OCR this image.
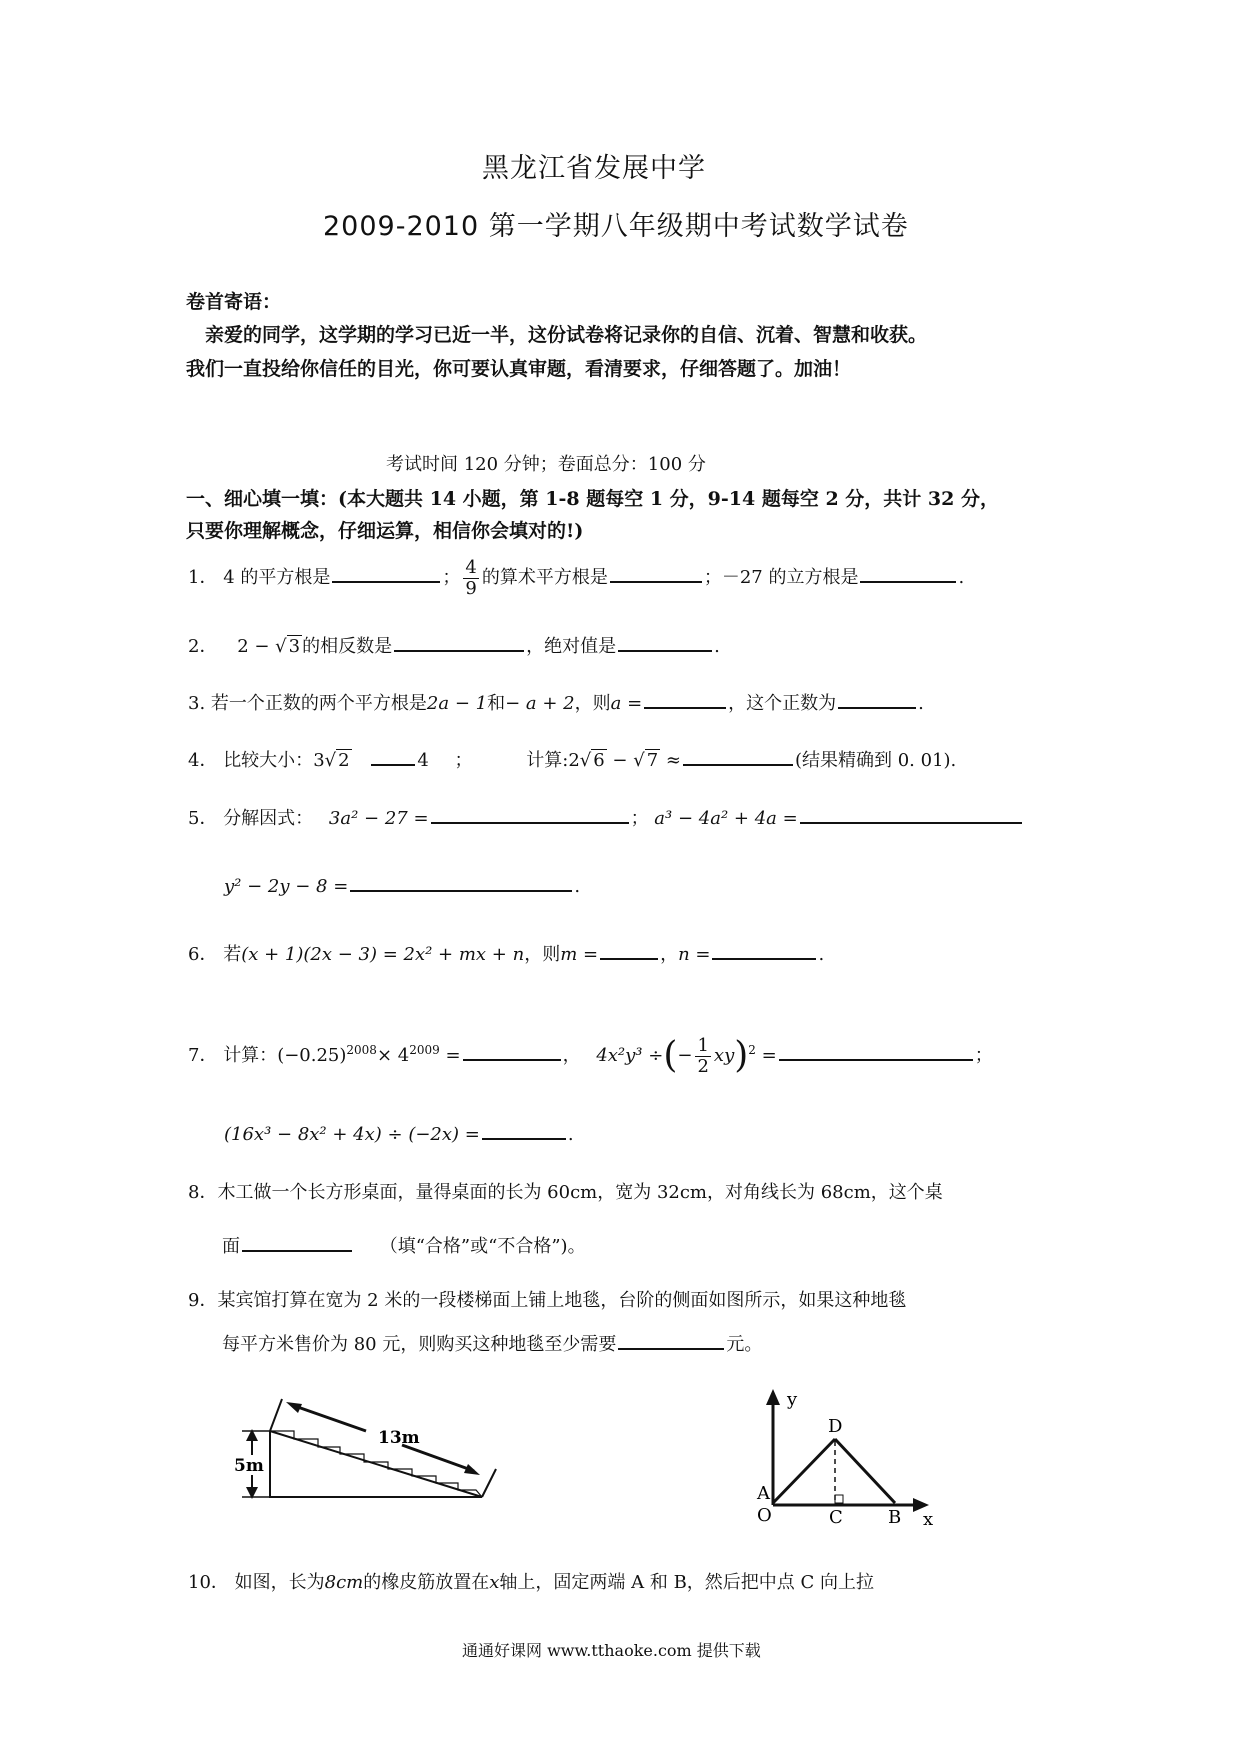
黑龙江省发展中学
2009-2010 第一学期八年级期中考试数学试卷
卷首寄语：
亲爱的同学，这学期的学习已近一半，这份试卷将记录你的自信、沉着、智慧和收获。
我们一直投给你信任的目光，你可要认真审题，看清要求，仔细答题了。加油！
考试时间 120 分钟；卷面总分：100 分
一、细心填一填：(本大题共 14 小题，第 1-8 题每空 1 分，9-14 题每空 2 分，共计 32 分，
只要你理解概念，仔细运算，相信你会填对的!)
1． 4 的平方根是	； $\frac{4}{9}$ 的算术平方根是	；－27 的立方根是	.
2． 2 − √ 3 的相反数是	，绝对值是	.
3. 若一个正数的两个平方根是2a − 1和− a + 2，则a =	，这个正数为	.
4． 比较大小：3√ 2	4 ；	计算:2√ 6 − √ 7 ≈	(结果精确到 0. 01).
5． 分解因式： 3a² − 27 =	； a³ − 4a² + 4a =
y² − 2y − 8 =	.
6． 若(x + 1)(2x − 3) = 2x² + mx + n，则m =	，n =	.
7． 计算：$(-0.25)^{2008}\times 4^{2009}$ =	， 4x²y³ ÷(− $\frac{1}{2} xy)^2$ =	；
(16x³ − 8x² + 4x) ÷ (−2x) =	.
8．木工做一个长方形桌面，量得桌面的长为 60cm，宽为 32cm，对角线长为 68cm，这个桌
面	（填“合格”或“不合格”)。
9．某宾馆打算在宽为 2 米的一段楼梯面上铺上地毯，台阶的侧面如图所示，如果这种地毯
每平方米售价为 80 元，则购买这种地毯至少需要	元。
13m
5m
y
D
A
O	C	B x
10． 如图，长为8cm的橡皮筋放置在x轴上，固定两端 A 和 B，然后把中点 C 向上拉
通通好课网 www.tthaoke.com 提供下载
